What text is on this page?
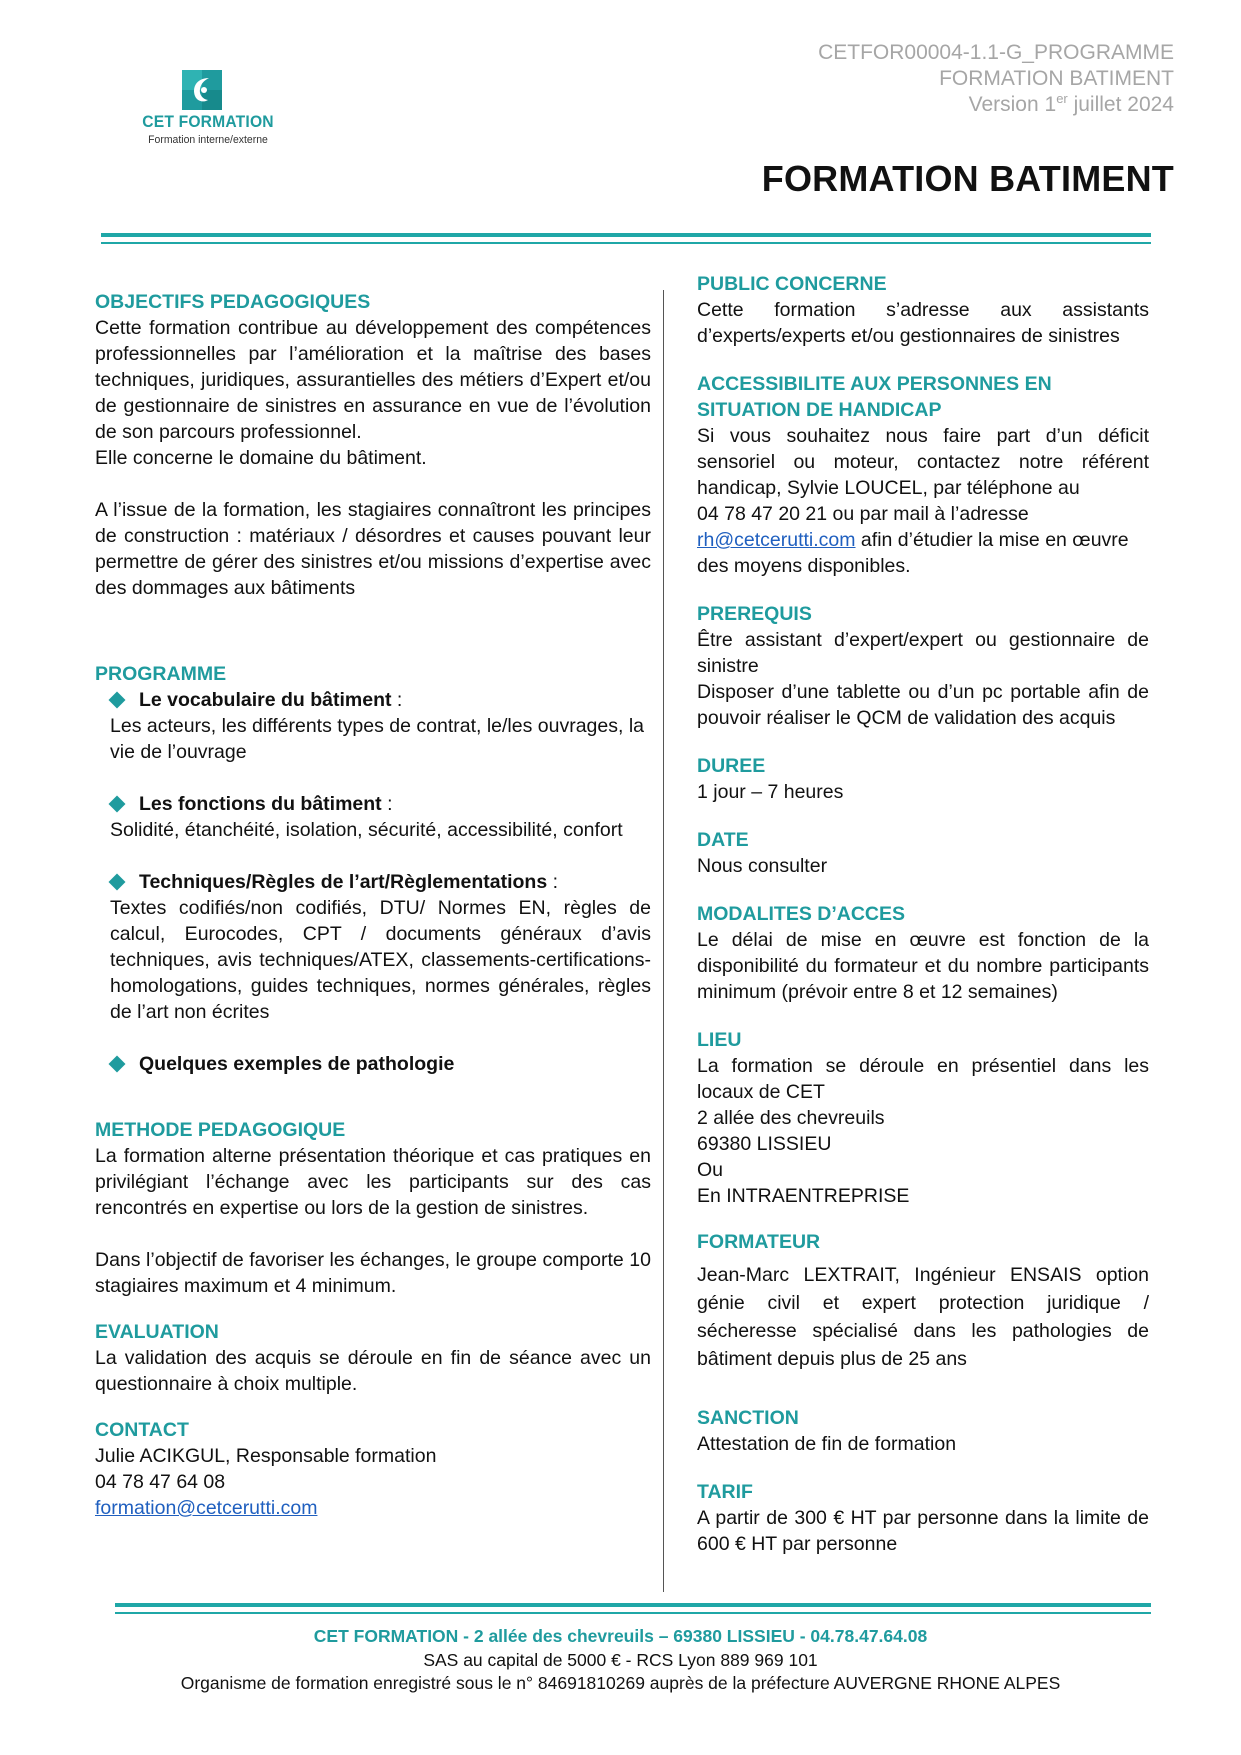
CET FORMATION
Formation interne/externe
CETFOR00004-1.1-G_PROGRAMME
FORMATION BATIMENT
Version 1er juillet 2024
FORMATION BATIMENT

OBJECTIFS PEDAGOGIQUES

Cette formation contribue au développement des compétences professionnelles par l’amélioration et la maîtrise des bases techniques, juridiques, assurantielles des métiers d’Expert et/ou de gestionnaire de sinistres en assurance en vue de l’évolution de son parcours professionnel.

Elle concerne le domaine du bâtiment.

A l’issue de la formation, les stagiaires connaîtront les principes de construction : matériaux / désordres et causes pouvant leur permettre de gérer des sinistres et/ou missions d’expertise avec des dommages aux bâtiments

PROGRAMME

Le vocabulaire du bâtiment :

Les acteurs, les différents types de contrat, le/les ouvrages, la vie de l’ouvrage

Les fonctions du bâtiment :

Solidité, étanchéité, isolation, sécurité, accessibilité, confort

Techniques/Règles de l’art/Règlementations :

Textes codifiés/non codifiés, DTU/ Normes EN, règles de calcul, Eurocodes, CPT / documents généraux d’avis techniques, avis techniques/ATEX, classements-certifications-homologations, guides techniques, normes générales, règles de l’art non écrites

Quelques exemples de pathologie

METHODE PEDAGOGIQUE

La formation alterne présentation théorique et cas pratiques en privilégiant l’échange avec les participants sur des cas rencontrés en expertise ou lors de la gestion de sinistres.

Dans l’objectif de favoriser les échanges, le groupe comporte 10 stagiaires maximum et 4 minimum.

EVALUATION

La validation des acquis se déroule en fin de séance avec un questionnaire à choix multiple.

CONTACT

Julie ACIKGUL, Responsable formation

04 78 47 64 08

formation@cetcerutti.com

PUBLIC CONCERNE

Cette formation s’adresse aux assistants d’experts/experts et/ou gestionnaires de sinistres

ACCESSIBILITE AUX PERSONNES EN

SITUATION DE HANDICAP

Si vous souhaitez nous faire part d’un déficit sensoriel ou moteur, contactez notre référent handicap, Sylvie LOUCEL, par téléphone au

04 78 47 20 21 ou par mail à l’adresse

rh@cetcerutti.com afin d’étudier la mise en œuvre des moyens disponibles.

PREREQUIS

Être assistant d’expert/expert ou gestionnaire de sinistre

Disposer d’une tablette ou d’un pc portable afin de pouvoir réaliser le QCM de validation des acquis

DUREE

1 jour – 7 heures

DATE

Nous consulter

MODALITES D’ACCES

Le délai de mise en œuvre est fonction de la disponibilité du formateur et du nombre participants minimum (prévoir entre 8 et 12 semaines)

LIEU

La formation se déroule en présentiel dans les locaux de CET

2 allée des chevreuils

69380 LISSIEU

Ou

En INTRAENTREPRISE

FORMATEUR

Jean-Marc LEXTRAIT, Ingénieur ENSAIS option génie civil et expert protection juridique / sécheresse spécialisé dans les pathologies de bâtiment depuis plus de 25 ans

SANCTION

Attestation de fin de formation

TARIF

A partir de 300 € HT par personne dans la limite de 600 € HT par personne

CET FORMATION - 2 allée des chevreuils – 69380 LISSIEU - 04.78.47.64.08
SAS au capital de 5000 € - RCS Lyon 889 969 101
Organisme de formation enregistré sous le n° 84691810269 auprès de la préfecture AUVERGNE RHONE ALPES
